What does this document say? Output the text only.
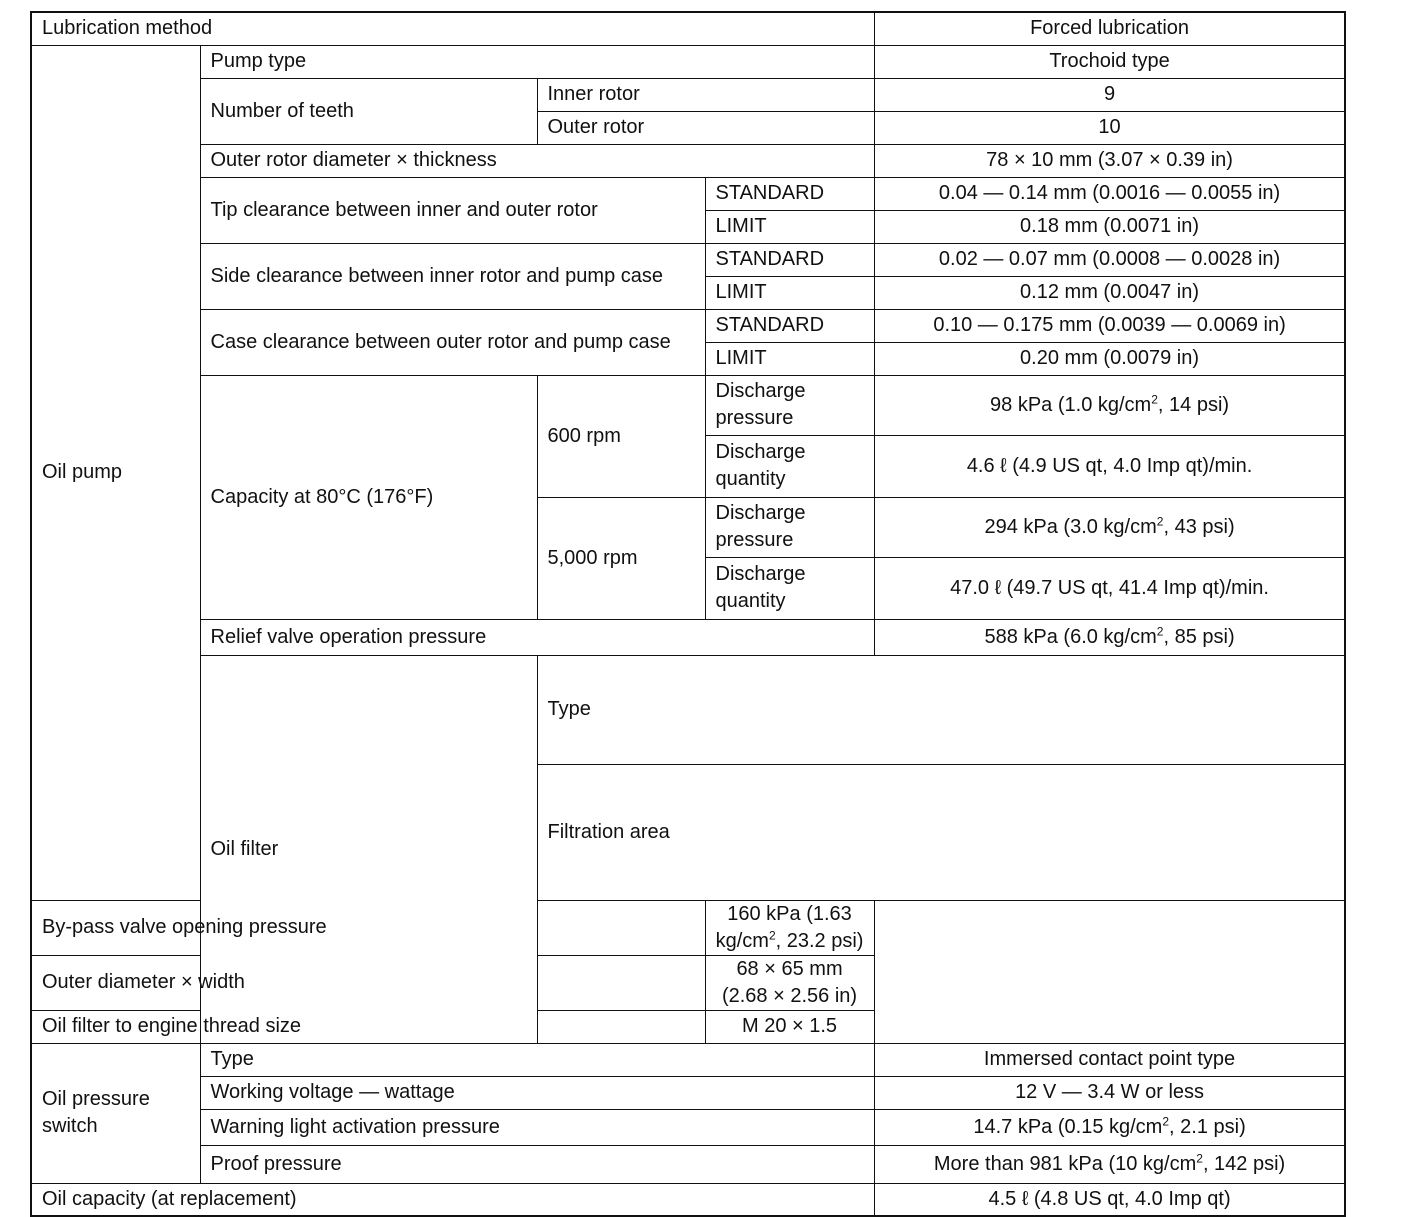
Lubrication method				Forced lubrication	
Oil pump	Pump type			Trochoid type	
	Number of teeth	Inner rotor		9	
		Outer rotor		10	
	Outer rotor diameter × thickness			78 × 10 mm (3.07 × 0.39 in)	
	Tip clearance between inner and outer rotor		STANDARD	0.04 — 0.14 mm (0.0016 — 0.0055 in)	
			LIMIT	0.18 mm (0.0071 in)	
	Side clearance between inner rotor and pump case		STANDARD	0.02 — 0.07 mm (0.0008 — 0.0028 in)	
			LIMIT	0.12 mm (0.0047 in)	
	Case clearance between outer rotor and pump case		STANDARD	0.10 — 0.175 mm (0.0039 — 0.0069 in)	
			LIMIT	0.20 mm (0.0079 in)	
	Capacity at 80°C (176°F)	600 rpm	Discharge pressure	98 kPa (1.0 $kg/cm^2$, 14 psi)	
			Discharge quantity	4.6 ℓ (4.9 US qt, 4.0 Imp qt)/min.	
		5,000 rpm	Discharge pressure	294 kPa (3.0 $kg/cm^2$, 43 psi)	
			Discharge quantity	47.0 ℓ (49.7 US qt, 41.4 Imp qt)/min.	
	Relief valve operation pressure			588 kPa (6.0 $kg/cm^2$, 85 psi)	
	Oil filter	Type	
		Filtration area	
By-pass valve opening pressure			160 kPa (1.63 $kg/cm^2$, 23.2 psi)		
Outer diameter × width			68 × 65 mm (2.68 × 2.56 in)		
Oil filter to engine thread size			M 20 × 1.5		
Oil pressure switch	Type			Immersed contact point type	
	Working voltage — wattage			12 V — 3.4 W or less	
	Warning light activation pressure			14.7 kPa (0.15 $kg/cm^2$, 2.1 psi)	
	Proof pressure			More than 981 kPa (10 $kg/cm^2$, 142 psi)	
Oil capacity (at replacement)				4.5 ℓ (4.8 US qt, 4.0 Imp qt)	
